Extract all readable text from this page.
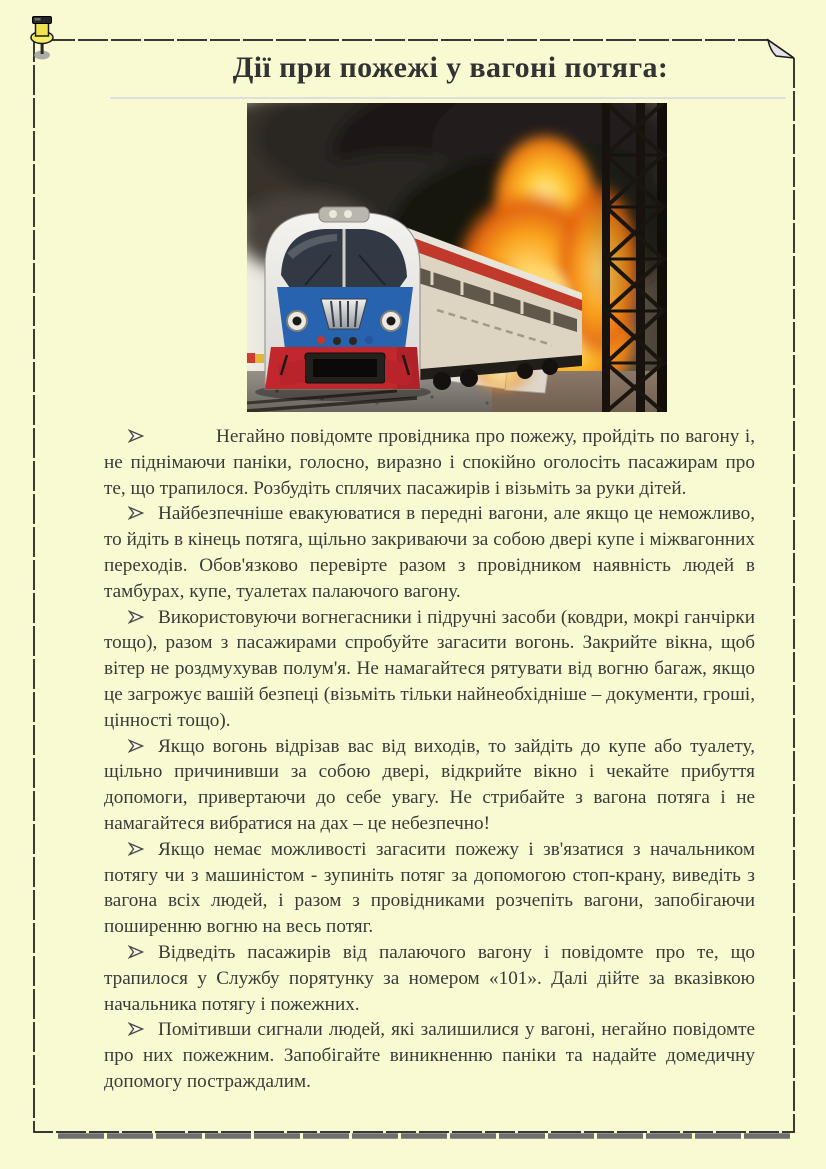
Дії при пожежі у вагоні потяга:

Негайно повідомте провідника про пожежу, пройдіть по вагону і, не піднімаючи паніки, голосно, виразно і спокійно оголосіть пасажирам про те, що трапилося. Розбудіть сплячих пасажирів і візьміть за руки дітей.

Найбезпечніше евакуюватися в передні вагони, але якщо це неможливо, то йдіть в кінець потяга, щільно закриваючи за собою двері купе і міжвагонних переходів. Обов'язково перевірте разом з провідником наявність людей в тамбурах, купе, туалетах палаючого вагону.

Використовуючи вогнегасники і підручні засоби (ковдри, мокрі ганчірки тощо), разом з пасажирами спробуйте загасити вогонь. Закрийте вікна, щоб вітер не роздмухував полум'я. Не намагайтеся рятувати від вогню багаж, якщо це загрожує вашій безпеці (візьміть тільки найнеобхідніше – документи, гроші, цінності тощо).

Якщо вогонь відрізав вас від виходів, то зайдіть до купе або туалету, щільно причинивши за собою двері, відкрийте вікно і чекайте прибуття допомоги, привертаючи до себе увагу. Не стрибайте з вагона потяга і не намагайтеся вибратися на дах – це небезпечно!

Якщо немає можливості загасити пожежу і зв'язатися з начальником потягу чи з машиністом - зупиніть потяг за допомогою стоп-крану, виведіть з вагона всіх людей, і разом з провідниками розчепіть вагони, запобігаючи поширенню вогню на весь потяг.

Відведіть пасажирів від палаючого вагону і повідомте про те, що трапилося у Службу порятунку за номером «101». Далі дійте за вказівкою начальника потягу і пожежних.

Помітивши сигнали людей, які залишилися у вагоні, негайно повідомте про них пожежним. Запобігайте виникненню паніки та надайте домедичну допомогу постраждалим.
